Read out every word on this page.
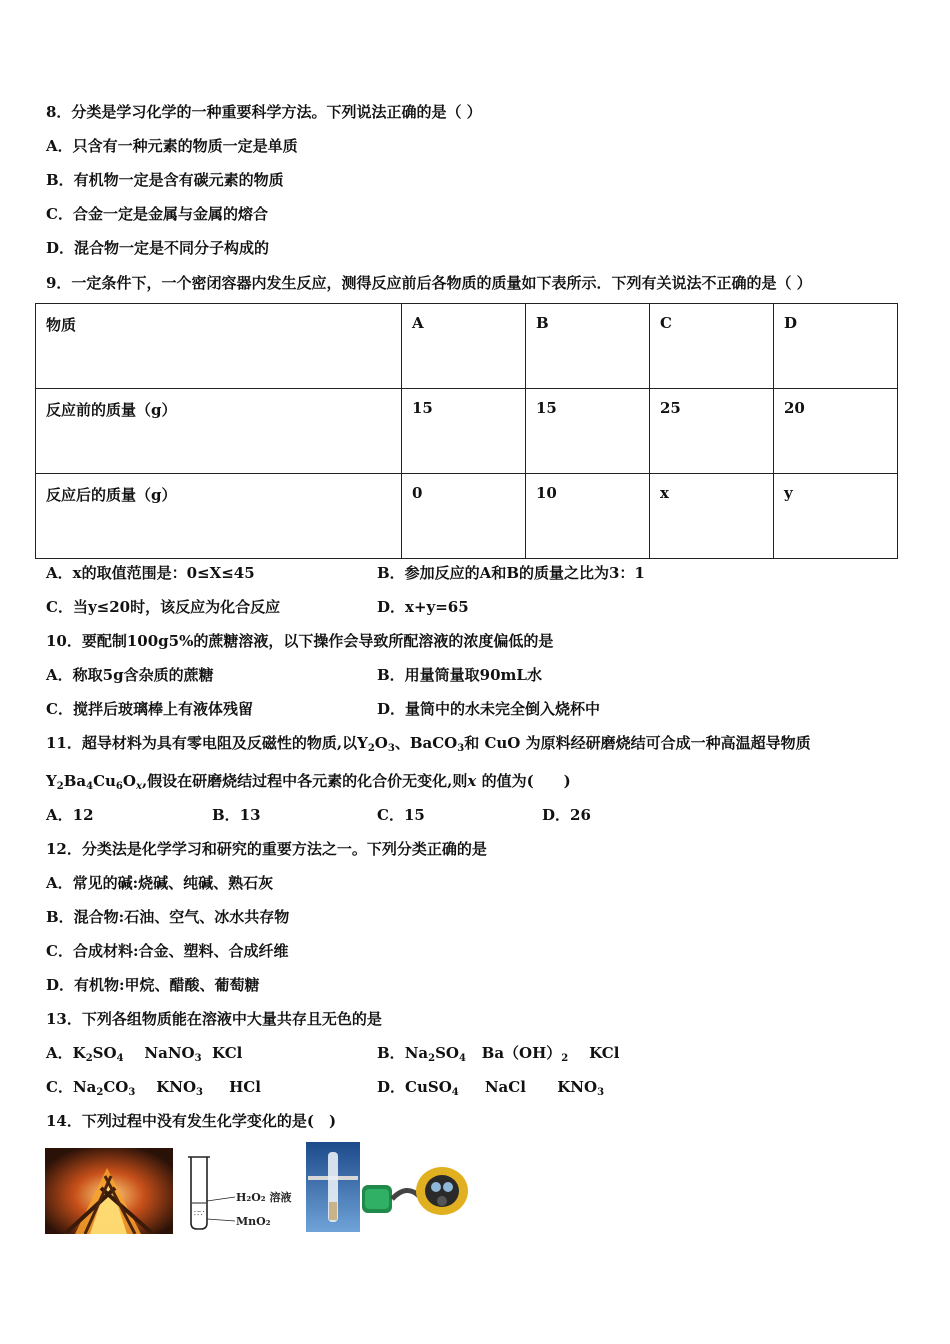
8．分类是学习化学的一种重要科学方法。下列说法正确的是（ ）
A．只含有一种元素的物质一定是单质
B．有机物一定是含有碳元素的物质
C．合金一定是金属与金属的熔合
D．混合物一定是不同分子构成的
9．一定条件下，一个密闭容器内发生反应，测得反应前后各物质的质量如下表所示．下列有关说法不正确的是（ ）
物质	A	B	C	D
反应前的质量（g）	15	15	25	20
反应后的质量（g）	0	10	x	y
A．x的取值范围是：0≤X≤45	B．参加反应的A和B的质量之比为3：1
C．当y≤20时，该反应为化合反应	D．x+y=65
10．要配制100g5%的蔗糖溶液，以下操作会导致所配溶液的浓度偏低的是
A．称取5g含杂质的蔗糖	B．用量筒量取90mL水
C．搅拌后玻璃棒上有液体残留	D．量筒中的水未完全倒入烧杯中
11．超导材料为具有零电阻及反磁性的物质,以$Y_2O_3$、BaCO$_3$和 CuO 为原料经研磨烧结可合成一种高温超导物质
$Y_2Ba_4Cu_6O_x$,假设在研磨烧结过程中各元素的化合价无变化,则x 的值为(　　)
A．12	B．13	C．15	D．26
12．分类法是化学学习和研究的重要方法之一。下列分类正确的是
A．常见的碱:烧碱、纯碱、熟石灰
B．混合物:石油、空气、冰水共存物
C．合成材料:合金、塑料、合成纤维
D．有机物:甲烷、醋酸、葡萄糖
13．下列各组物质能在溶液中大量共存且无色的是
A．$K_2SO_4$    NaNO$_3$  KCl	B．$Na_2SO_4$   $Ba(OH)_2$    KCl
C．$Na_2CO_3$    $KNO_3$     HCl	D．CuSO$_4$     NaCl      $KNO_3$
14．下列过程中没有发生化学变化的是(　)
∷∵
H₂O₂ 溶液
MnO₂
